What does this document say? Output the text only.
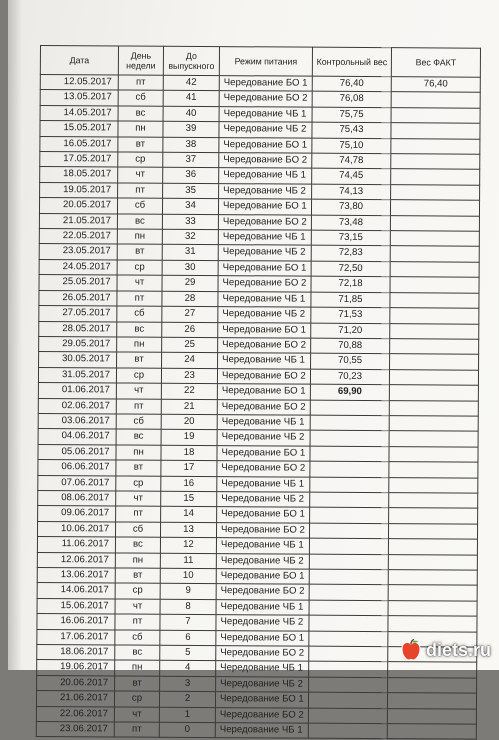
Дата	День недели	До выпускного	Режим питания	Контрольный вес	Вес ФАКТ
12.05.2017	пт	42	Чередование БО 1	76,40	76,40
13.05.2017	сб	41	Чередование БО 2	76,08	
14.05.2017	вс	40	Чередование ЧБ 1	75,75	
15.05.2017	пн	39	Чередование ЧБ 2	75,43	
16.05.2017	вт	38	Чередование БО 1	75,10	
17.05.2017	ср	37	Чередование БО 2	74,78	
18.05.2017	чт	36	Чередование ЧБ 1	74,45	
19.05.2017	пт	35	Чередование ЧБ 2	74,13	
20.05.2017	сб	34	Чередование БО 1	73,80	
21.05.2017	вс	33	Чередование БО 2	73,48	
22.05.2017	пн	32	Чередование ЧБ 1	73,15	
23.05.2017	вт	31	Чередование ЧБ 2	72,83	
24.05.2017	ср	30	Чередование БО 1	72,50	
25.05.2017	чт	29	Чередование БО 2	72,18	
26.05.2017	пт	28	Чередование ЧБ 1	71,85	
27.05.2017	сб	27	Чередование ЧБ 2	71,53	
28.05.2017	вс	26	Чередование БО 1	71,20	
29.05.2017	пн	25	Чередование БО 2	70,88	
30.05.2017	вт	24	Чередование ЧБ 1	70,55	
31.05.2017	ср	23	Чередование БО 2	70,23	
01.06.2017	чт	22	Чередование БО 1	69,90	
02.06.2017	пт	21	Чередование БО 2		
03.06.2017	сб	20	Чередование ЧБ 1		
04.06.2017	вс	19	Чередование ЧБ 2		
05.06.2017	пн	18	Чередование БО 1		
06.06.2017	вт	17	Чередование БО 2		
07.06.2017	ср	16	Чередование ЧБ 1		
08.06.2017	чт	15	Чередование ЧБ 2		
09.06.2017	пт	14	Чередование БО 1		
10.06.2017	сб	13	Чередование БО 2		
11.06.2017	вс	12	Чередование ЧБ 1		
12.06.2017	пн	11	Чередование ЧБ 2		
13.06.2017	вт	10	Чередование БО 1		
14.06.2017	ср	9	Чередование БО 2		
15.06.2017	чт	8	Чередование ЧБ 1		
16.06.2017	пт	7	Чередование ЧБ 2		
17.06.2017	сб	6	Чередование БО 1		
18.06.2017	вс	5	Чередование БО 2		
19.06.2017	пн	4	Чередование ЧБ 1		
20.06.2017	вт	3	Чередование ЧБ 2		
21.06.2017	ср	2	Чередование БО 1		
22.06.2017	чт	1	Чередование БО 2		
23.06.2017	пт	0	Чередование ЧБ 1		
diets.ru
